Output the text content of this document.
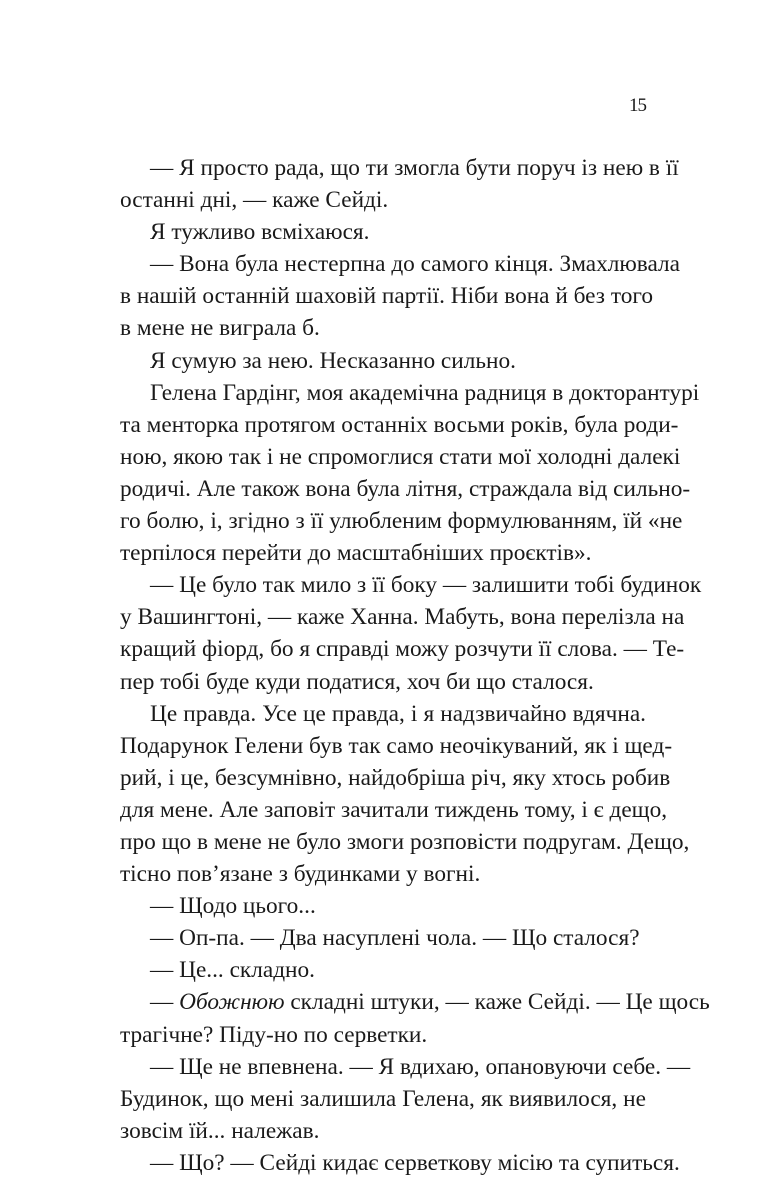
15
— Я просто рада, що ти змогла бути поруч із нею в її
останні дні, — каже Сейді.
Я тужливо всміхаюся.
— Вона була нестерпна до самого кінця. Змахлювала
в нашій останній шаховій партії. Ніби вона й без того
в мене не виграла б.
Я сумую за нею. Несказанно сильно.
Гелена Гардінг, моя академічна радниця в докторантурі
та менторка протягом останніх восьми років, була роди-
ною, якою так і не спромоглися стати мої холодні далекі
родичі. Але також вона була літня, страждала від сильно-
го болю, і, згідно з її улюбленим формулюванням, їй «не
терпілося перейти до масштабніших проєктів».
— Це було так мило з її боку — залишити тобі будинок
у Вашингтоні, — каже Ханна. Мабуть, вона перелізла на
кращий фіорд, бо я справді можу розчути її слова. — Те-
пер тобі буде куди податися, хоч би що сталося.
Це правда. Усе це правда, і я надзвичайно вдячна.
Подарунок Гелени був так само неочікуваний, як і щед-
рий, і це, безсумнівно, найдобріша річ, яку хтось робив
для мене. Але заповіт зачитали тиждень тому, і є дещо,
про що в мене не було змоги розповісти подругам. Дещо,
тісно пов’язане з будинками у вогні.
— Щодо цього...
— Оп-па. — Два насуплені чола. — Що сталося?
— Це... складно.
— Обожнюю складні штуки, — каже Сейді. — Це щось
трагічне? Піду-но по серветки.
— Ще не впевнена. — Я вдихаю, опановуючи себе. —
Будинок, що мені залишила Гелена, як виявилося, не
зовсім їй... належав.
— Що? — Сейді кидає серветкову місію та супиться.
